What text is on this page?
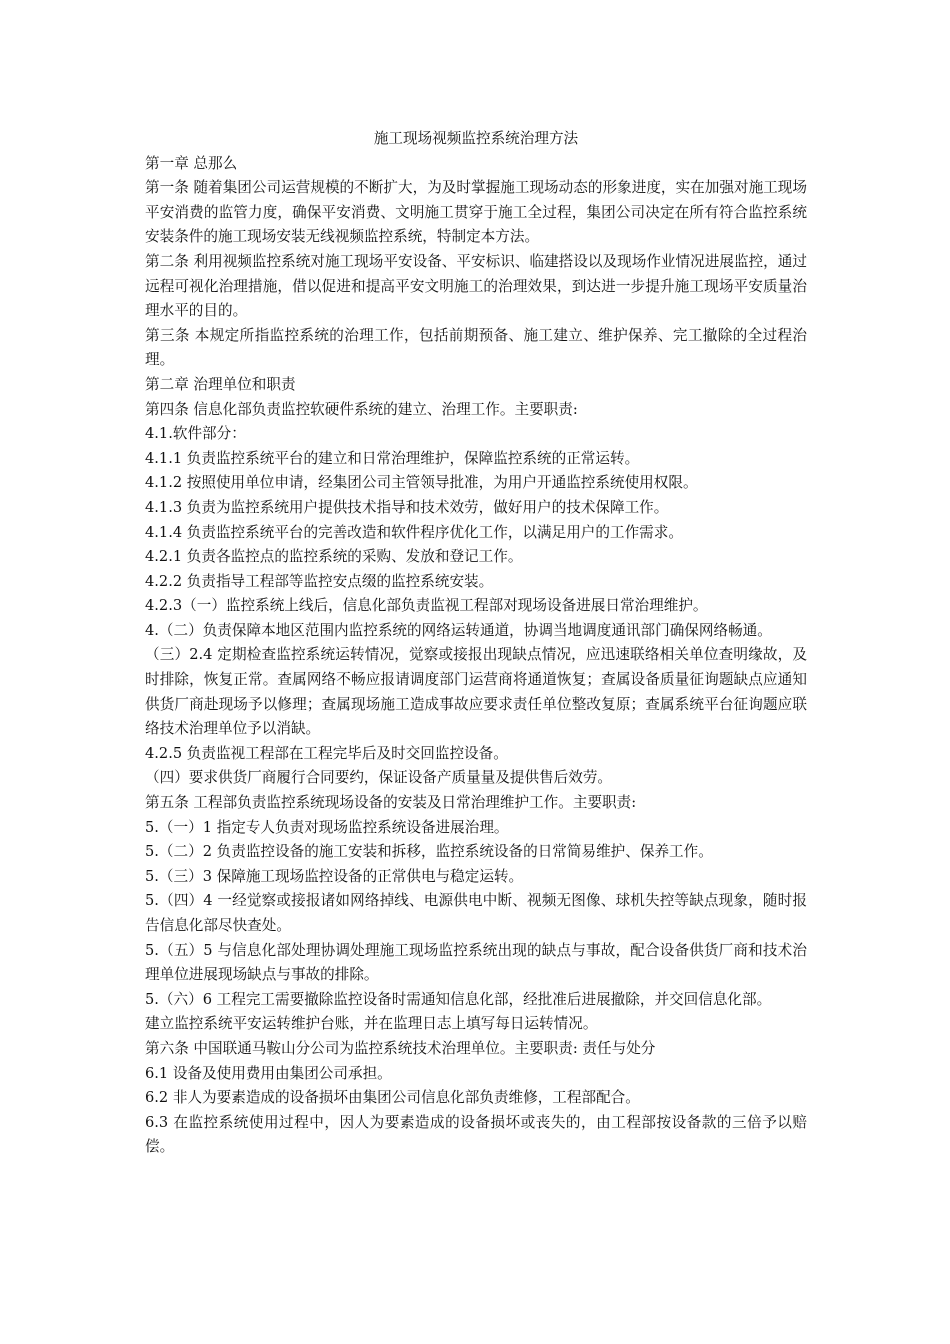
施工现场视频监控系统治理方法

第一章 总那么

第一条 随着集团公司运营规模的不断扩大，为及时掌握施工现场动态的形象进度，实在加强对施工现场平安消费的监管力度，确保平安消费、文明施工贯穿于施工全过程，集团公司决定在所有符合监控系统安装条件的施工现场安装无线视频监控系统，特制定本方法。

第二条 利用视频监控系统对施工现场平安设备、平安标识、临建搭设以及现场作业情况进展监控，通过远程可视化治理措施，借以促进和提高平安文明施工的治理效果，到达进一步提升施工现场平安质量治理水平的目的。

第三条 本规定所指监控系统的治理工作，包括前期预备、施工建立、维护保养、完工撤除的全过程治理。

第二章 治理单位和职责

第四条 信息化部负责监控软硬件系统的建立、治理工作。主要职责:

4.1.软件部分：

4.1.1 负责监控系统平台的建立和日常治理维护，保障监控系统的正常运转。

4.1.2 按照使用单位申请，经集团公司主管领导批准，为用户开通监控系统使用权限。

4.1.3 负责为监控系统用户提供技术指导和技术效劳，做好用户的技术保障工作。

4.1.4 负责监控系统平台的完善改造和软件程序优化工作，以满足用户的工作需求。

4.2.1 负责各监控点的监控系统的采购、发放和登记工作。

4.2.2 负责指导工程部等监控安点缀的监控系统安装。

4.2.3（一）监控系统上线后，信息化部负责监视工程部对现场设备进展日常治理维护。

4.（二）负责保障本地区范围内监控系统的网络运转通道，协调当地调度通讯部门确保网络畅通。

（三）2.4 定期检查监控系统运转情况，觉察或接报出现缺点情况，应迅速联络相关单位查明缘故，及时排除，恢复正常。查属网络不畅应报请调度部门运营商将通道恢复；查属设备质量征询题缺点应通知供货厂商赴现场予以修理；查属现场施工造成事故应要求责任单位整改复原；查属系统平台征询题应联络技术治理单位予以消缺。

4.2.5 负责监视工程部在工程完毕后及时交回监控设备。

（四）要求供货厂商履行合同要约，保证设备产质量量及提供售后效劳。

第五条 工程部负责监控系统现场设备的安装及日常治理维护工作。主要职责:

5.（一）1 指定专人负责对现场监控系统设备进展治理。

5.（二）2 负责监控设备的施工安装和拆移，监控系统设备的日常简易维护、保养工作。

5.（三）3 保障施工现场监控设备的正常供电与稳定运转。

5.（四）4 一经觉察或接报诸如网络掉线、电源供电中断、视频无图像、球机失控等缺点现象，随时报告信息化部尽快查处。

5.（五）5 与信息化部处理协调处理施工现场监控系统出现的缺点与事故，配合设备供货厂商和技术治理单位进展现场缺点与事故的排除。

5.（六）6 工程完工需要撤除监控设备时需通知信息化部，经批准后进展撤除，并交回信息化部。

建立监控系统平安运转维护台账，并在监理日志上填写每日运转情况。

第六条 中国联通马鞍山分公司为监控系统技术治理单位。主要职责: 责任与处分

6.1 设备及使用费用由集团公司承担。

6.2 非人为要素造成的设备损坏由集团公司信息化部负责维修，工程部配合。

6.3 在监控系统使用过程中，因人为要素造成的设备损坏或丧失的，由工程部按设备款的三倍予以赔偿。
